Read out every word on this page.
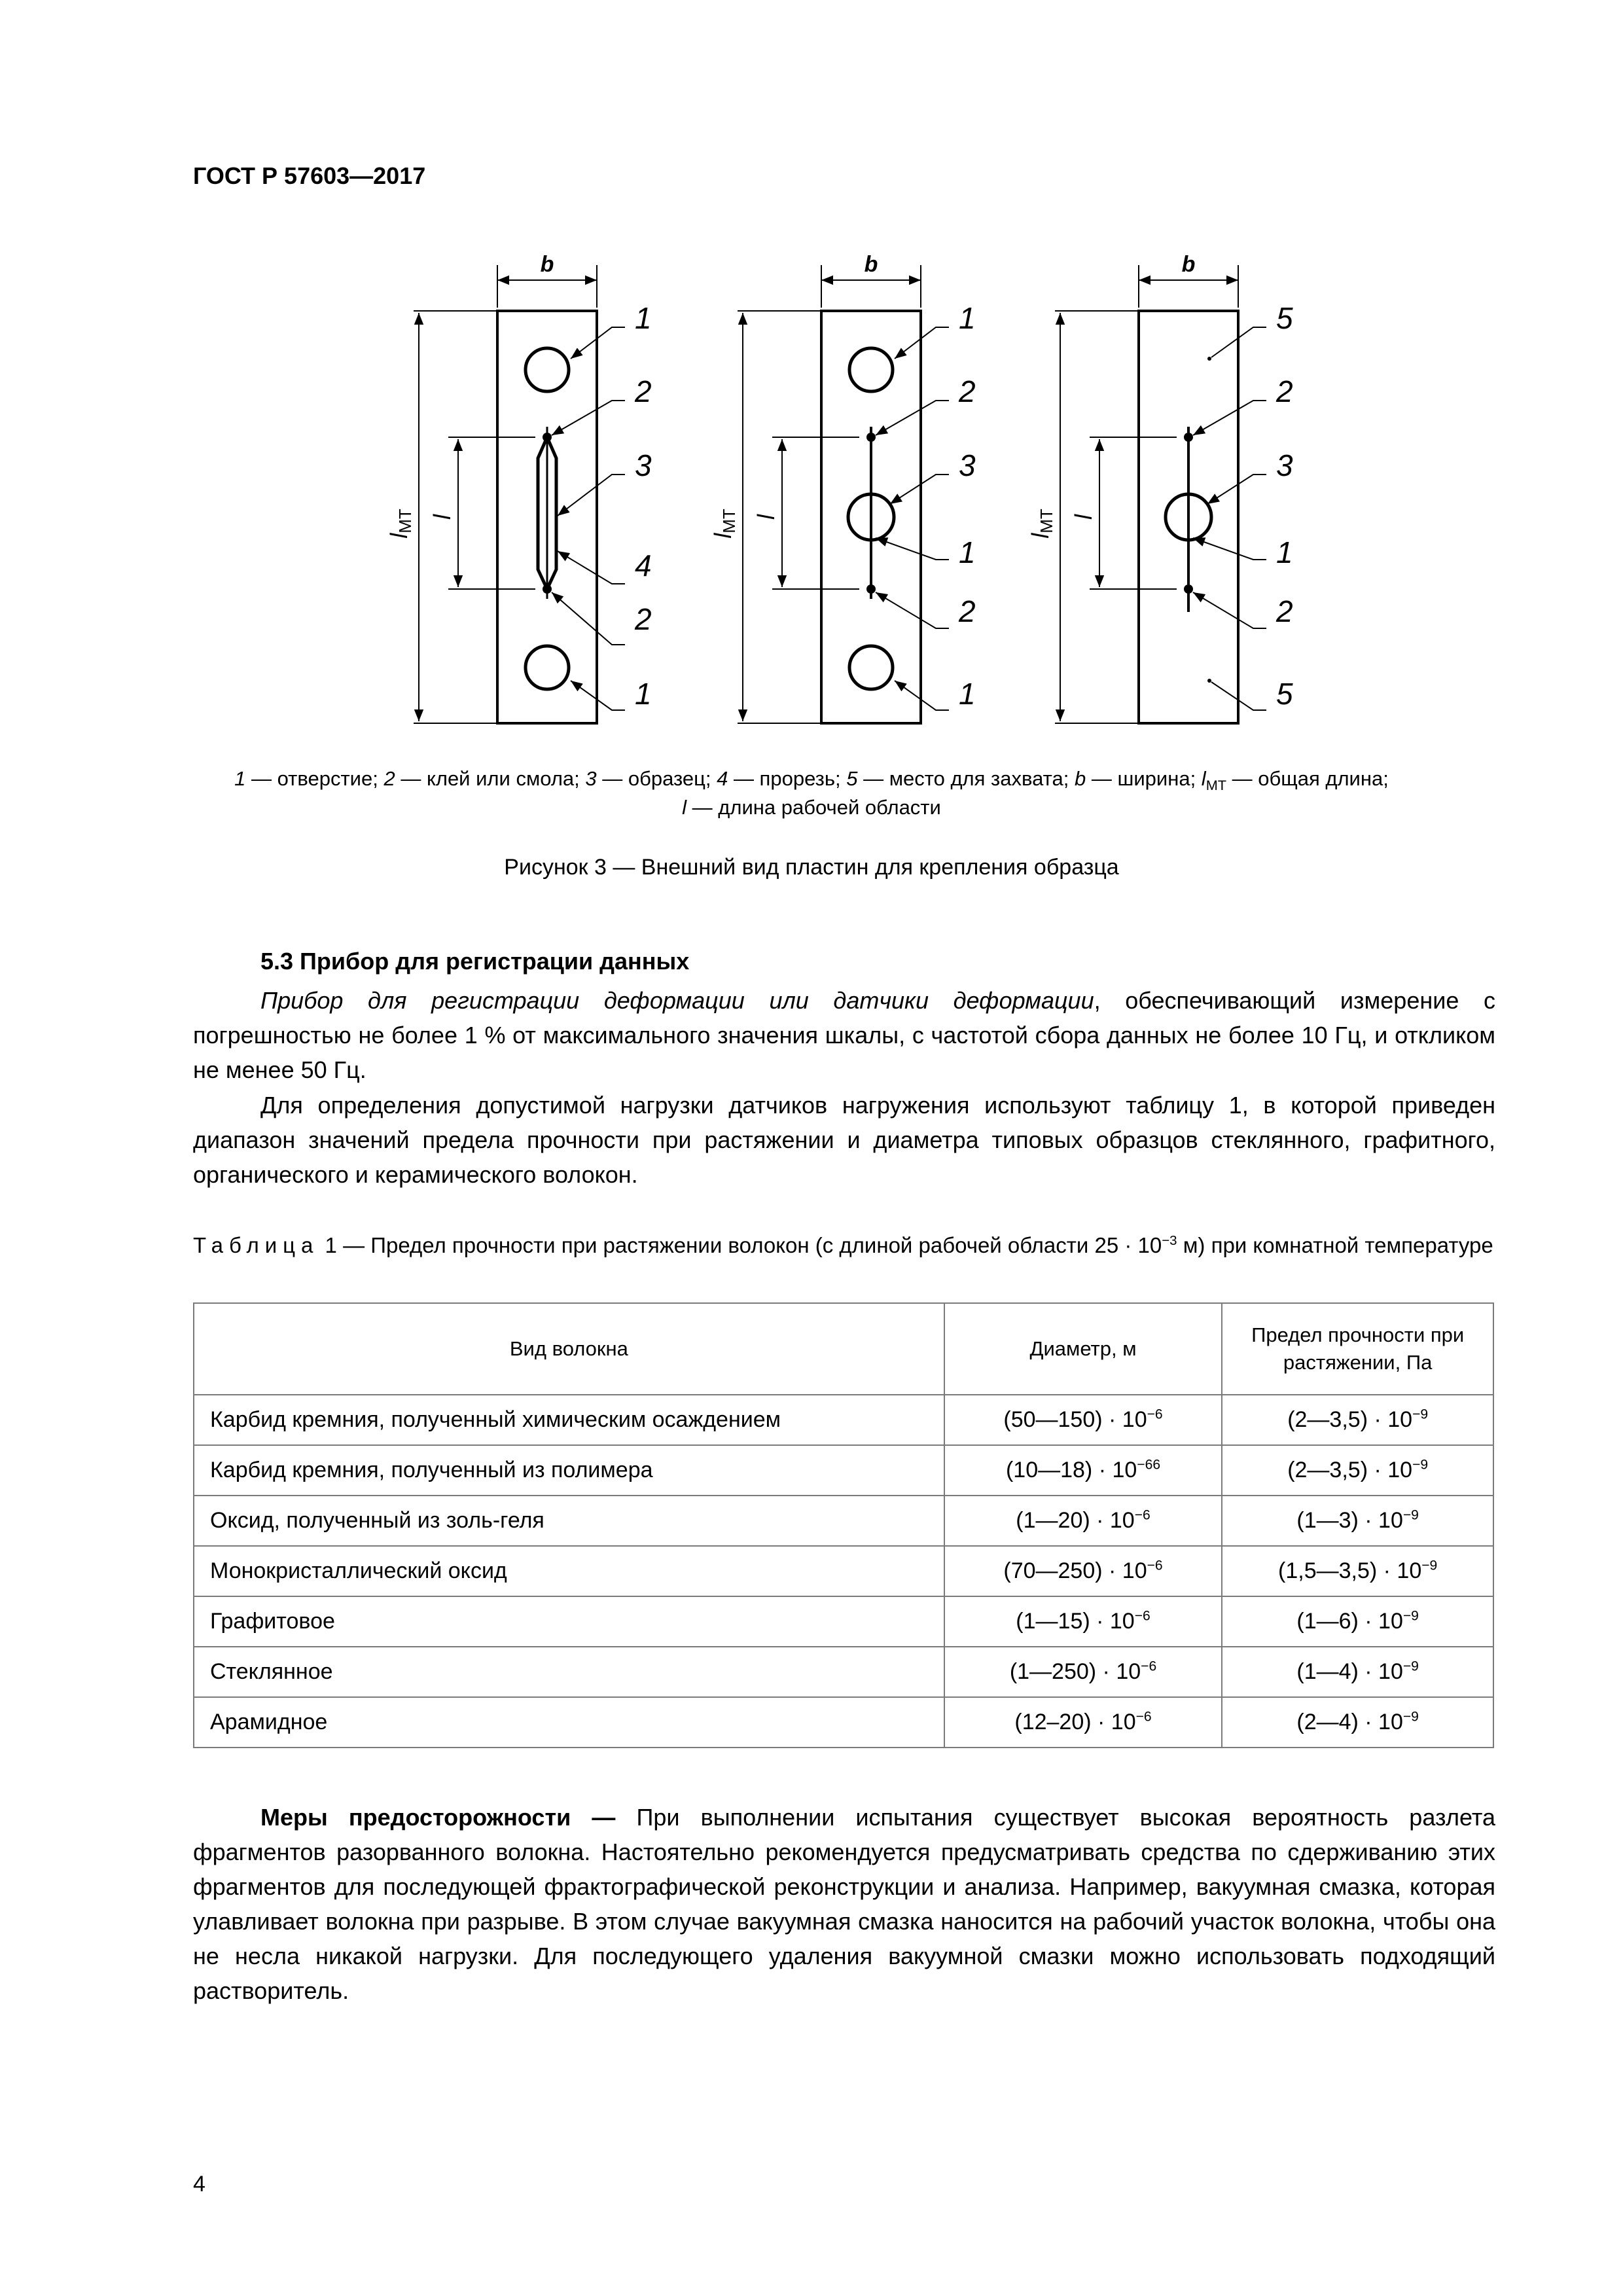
ГОСТ Р 57603—2017
b
lМТ l
1
2
3
4
2
1
b
lМТ l
1
2
3
1
2
1
b
lМТ l
5
2
3
1
2
5
1 — отверстие; 2 — клей или смола; 3 — образец; 4 — прорезь; 5 — место для захвата; b — ширина; $l_{МТ}$ — общая длина;
l — длина рабочей области
Рисунок 3 — Внешний вид пластин для крепления образца
5.3 Прибор для регистрации данных
Прибор для регистрации деформации или датчики деформации, обеспечивающий измерение с погрешностью не более 1 % от максимального значения шкалы, с частотой сбора данных не более 10 Гц, и откликом не менее 50 Гц.
Для определения допустимой нагрузки датчиков нагружения используют таблицу 1, в которой приведен диапазон значений предела прочности при растяжении и диаметра типовых образцов стеклянного, графитного, органического и керамического волокон.
Таблица 1 — Предел прочности при растяжении волокон (с длиной рабочей области $25 \cdot 10^{-3}$ м) при комнатной температуре
Вид волокна	Диаметр, м	Предел прочности при растяжении, Па
Карбид кремния, полученный химическим осаждением	(50—150) · $10^{-6}$	(2—3,5) · $10^{-9}$
Карбид кремния, полученный из полимера	(10—18) · $10^{-66}$	(2—3,5) · $10^{-9}$
Оксид, полученный из золь-геля	(1—20) · $10^{-6}$	(1—3) · $10^{-9}$
Монокристаллический оксид	(70—250) · $10^{-6}$	(1,5—3,5) · $10^{-9}$
Графитовое	(1—15) · $10^{-6}$	(1—6) · $10^{-9}$
Стеклянное	(1—250) · $10^{-6}$	(1—4) · $10^{-9}$
Арамидное	$(12-20) \cdot 10^{-6}$	(2—4) · $10^{-9}$
Меры предосторожности — При выполнении испытания существует высокая вероятность разлета фрагментов разорванного волокна. Настоятельно рекомендуется предусматривать средства по сдерживанию этих фрагментов для последующей фрактографической реконструкции и анализа. Например, вакуумная смазка, которая улавливает волокна при разрыве. В этом случае вакуумная смазка наносится на рабочий участок волокна, чтобы она не несла никакой нагрузки. Для последующего удаления вакуумной смазки можно использовать подходящий растворитель.
4
